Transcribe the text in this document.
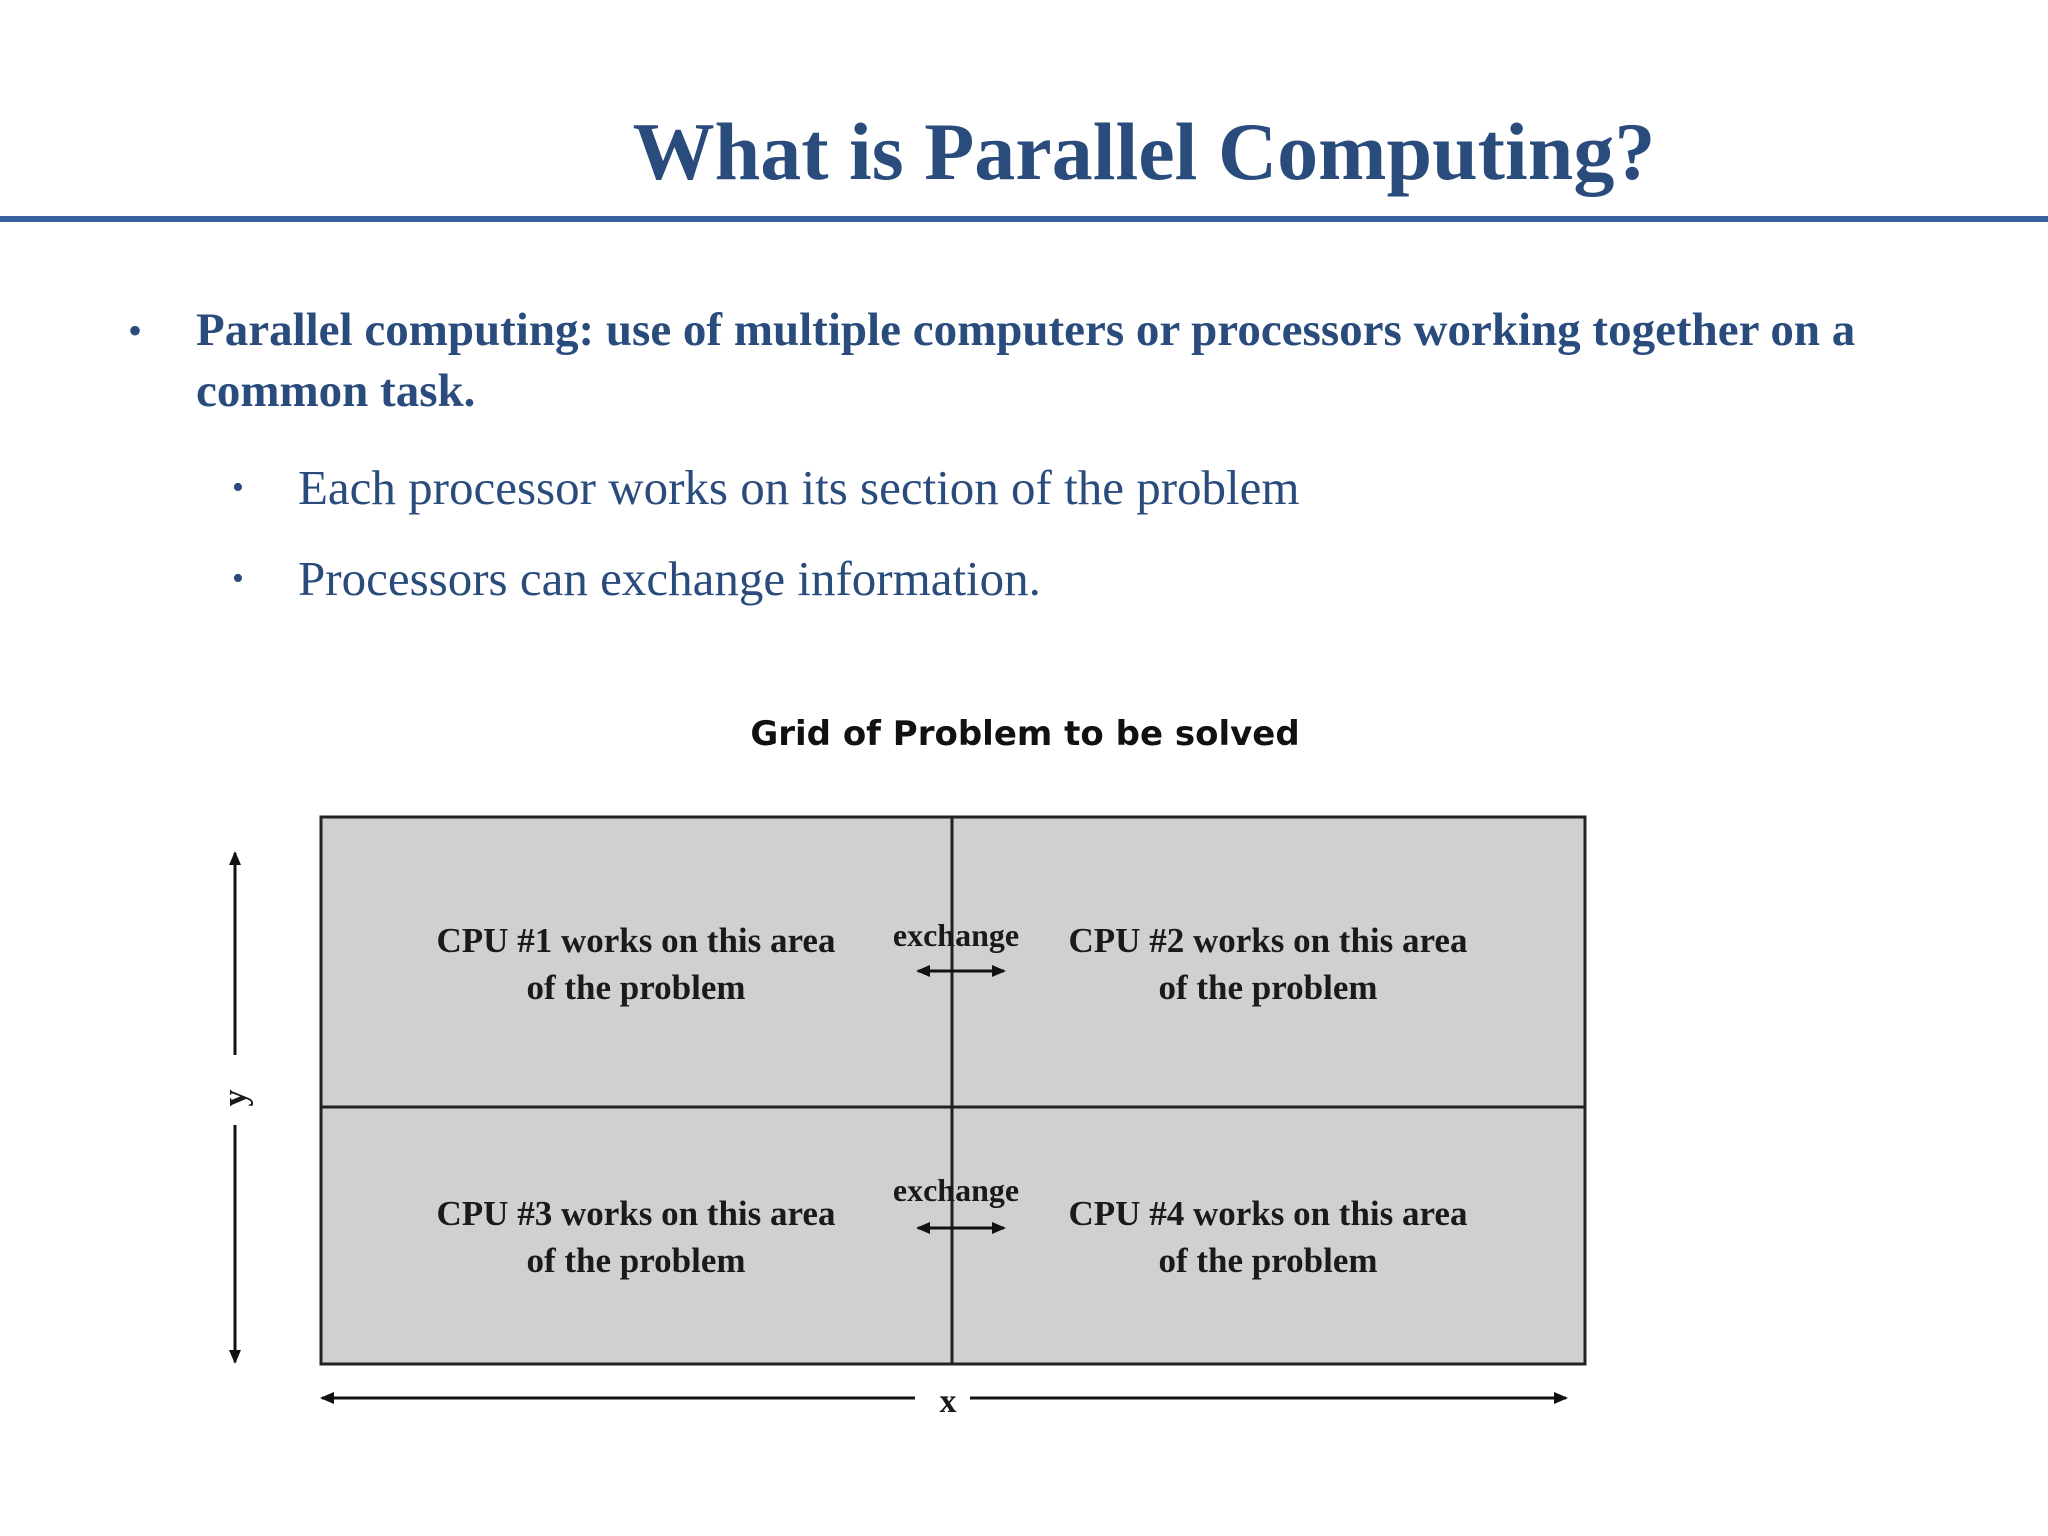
What is Parallel Computing?
• Parallel computing: use of multiple computers or processors working together on a common task.
• Each processor works on its section of the problem
• Processors can exchange information.
Grid of Problem to be solved
CPU #1 works on this area
of the problem
CPU #2 works on this area
of the problem
CPU #3 works on this area
of the problem
CPU #4 works on this area
of the problem
exchange
exchange
y
x
